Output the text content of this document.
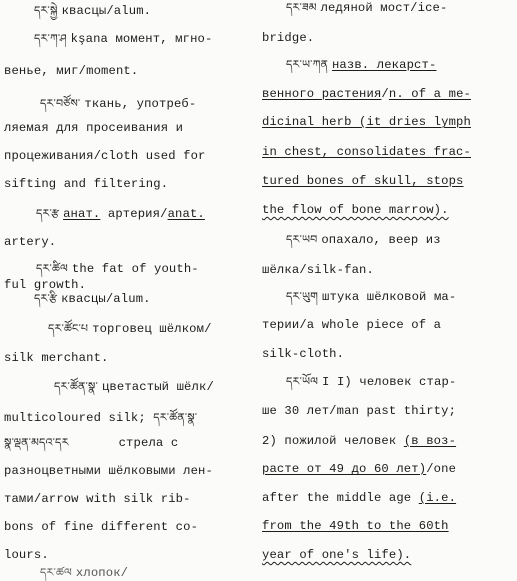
དར་སྐྱེ квасцы/alum.
དར་ཀ་ཤ kşana момент, мгно-
венье, миг/moment.
དར་བཙོས་ ткань, употреб-
ляемая для просеивания и
процеживания/cloth used for
sifting and filtering.
དར་རྩ анат. артерия/anat.
artery.
དར་ཚིལ the fat of youth-
ful growth.
དར་རྩི квасцы/alum.
དར་ཚོང་པ торговец шёлком/
silk merchant.
དར་ཚོན་སྣ་ цветастый шёлк/
multicoloured silk; དར་ཚོན་སྣ་
སྣ་ལྡན་མདའ་དར	стрела с
разноцветными шёлковыми лен-
тами/arrow with silk rib-
bons of fine different co-
lours.
དར་ཚལ хлопок/
དར་ཟམ ледяной мост/ice-
bridge.
དར་ཡ་ཀན назв. лекарст-
венного растения/n. of a me-
dicinal herb (it dries lymph
in chest, consolidates frac-
tured bones of skull, stops
the flow of bone marrow).
དར་ཡབ опахало, веер из
шёлка/silk-fan.
དར་ཡུག штука шёлковой ма-
терии/a whole piece of a
silk-cloth.
དར་ཡོལ I I) человек стар-
ше 30 лет/man past thirty;
2) пожилой человек (в воз-
расте от 49 до 60 лет)/one
after the middle age (i.e.
from the 49th to the 60th
year of one's life).
